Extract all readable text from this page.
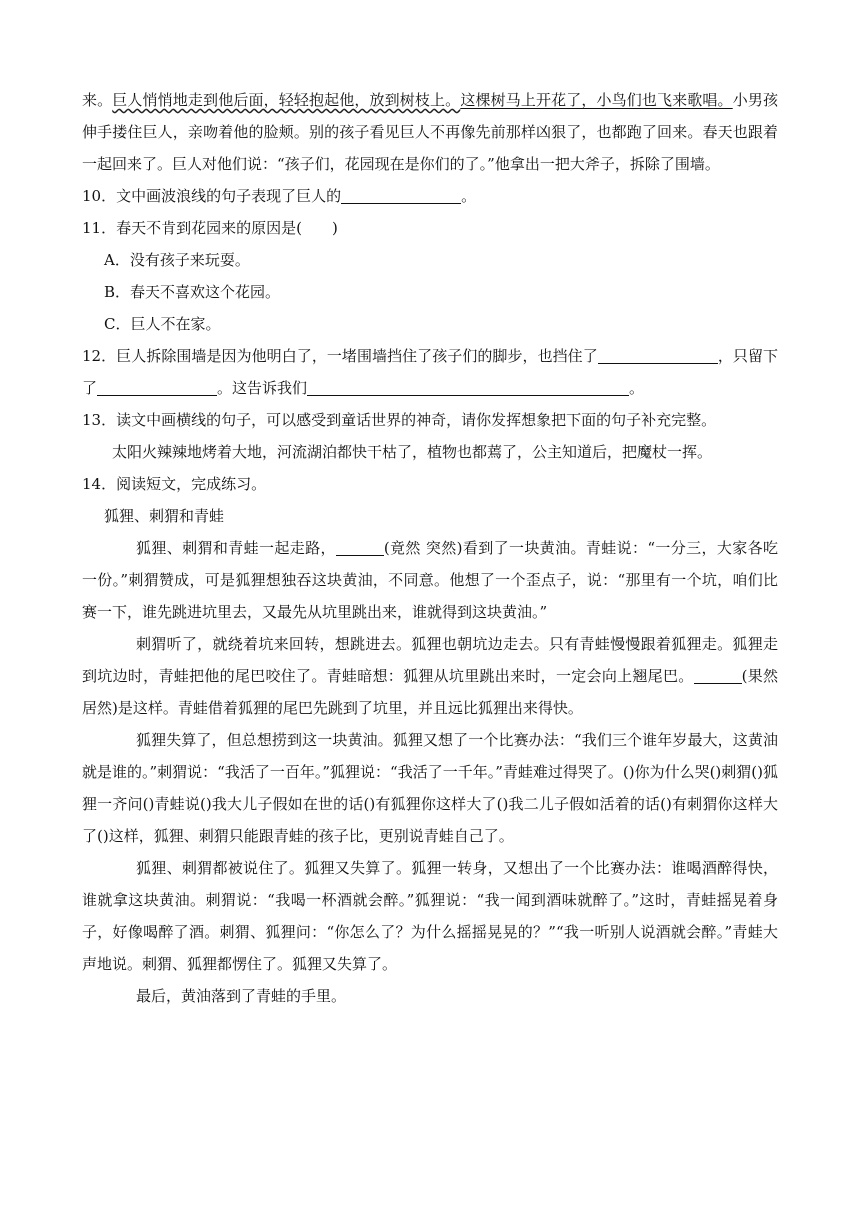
来。巨人悄悄地走到他后面，轻轻抱起他，放到树枝上。这棵树马上开花了，小鸟们也飞来歌唱。小男孩伸手搂住巨人，亲吻着他的脸颊。别的孩子看见巨人不再像先前那样凶狠了，也都跑了回来。春天也跟着一起回来了。巨人对他们说：“孩子们，花园现在是你们的了。”他拿出一把大斧子，拆除了围墙。

10．文中画波浪线的句子表现了巨人的	。

11．春天不肯到花园来的原因是(　　)

A．没有孩子来玩耍。

B．春天不喜欢这个花园。

C．巨人不在家。

12．巨人拆除围墙是因为他明白了，一堵围墙挡住了孩子们的脚步，也挡住了	，只留下了	。这告诉我们	。

13．读文中画横线的句子，可以感受到童话世界的神奇，请你发挥想象把下面的句子补充完整。

太阳火辣辣地烤着大地，河流湖泊都快干枯了，植物也都蔫了，公主知道后，把魔杖一挥。

14．阅读短文，完成练习。

狐狸、刺猬和青蛙

狐狸、刺猬和青蛙一起走路，	(竟然 突然)看到了一块黄油。青蛙说：“一分三，大家各吃一份。”刺猬赞成，可是狐狸想独吞这块黄油，不同意。他想了一个歪点子，说：“那里有一个坑，咱们比赛一下，谁先跳进坑里去，又最先从坑里跳出来，谁就得到这块黄油。”

刺猬听了，就绕着坑来回转，想跳进去。狐狸也朝坑边走去。只有青蛙慢慢跟着狐狸走。狐狸走到坑边时，青蛙把他的尾巴咬住了。青蛙暗想：狐狸从坑里跳出来时，一定会向上翘尾巴。	(果然 居然)是这样。青蛙借着狐狸的尾巴先跳到了坑里，并且远比狐狸出来得快。

狐狸失算了，但总想捞到这一块黄油。狐狸又想了一个比赛办法：“我们三个谁年岁最大，这黄油就是谁的。”刺猬说：“我活了一百年。”狐狸说：“我活了一千年。”青蛙难过得哭了。()你为什么哭()刺猬()狐狸一齐问()青蛙说()我大儿子假如在世的话()有狐狸你这样大了()我二儿子假如活着的话()有刺猬你这样大了()这样，狐狸、刺猬只能跟青蛙的孩子比，更别说青蛙自己了。

狐狸、刺猬都被说住了。狐狸又失算了。狐狸一转身，又想出了一个比赛办法：谁喝酒醉得快，谁就拿这块黄油。刺猬说：“我喝一杯酒就会醉。”狐狸说：“我一闻到酒味就醉了。”这时，青蛙摇晃着身子，好像喝醉了酒。刺猬、狐狸问：“你怎么了？为什么摇摇晃晃的？”“我一听别人说酒就会醉。”青蛙大声地说。刺猬、狐狸都愣住了。狐狸又失算了。

最后，黄油落到了青蛙的手里。
